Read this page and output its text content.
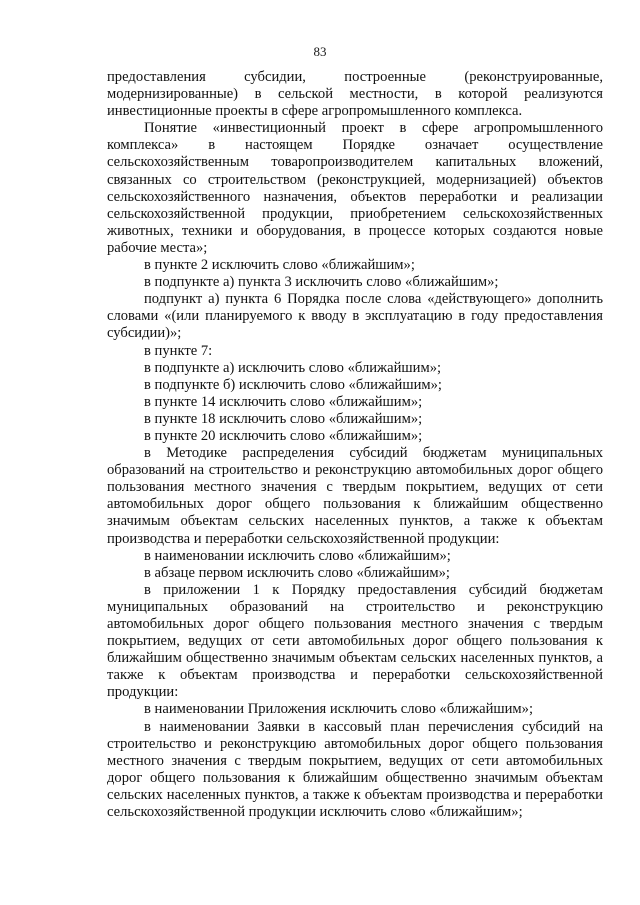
83

предоставления субсидии, построенные (реконструированные, модернизированные) в сельской местности, в которой реализуются инвестиционные проекты в сфере агропромышленного комплекса.

Понятие «инвестиционный проект в сфере агропромышленного комплекса» в настоящем Порядке означает осуществление сельскохозяйственным товаропроизводителем капитальных вложений, связанных со строительством (реконструкцией, модернизацией) объектов сельскохозяйственного назначения, объектов переработки и реализации сельскохозяйственной продукции, приобретением сельскохозяйственных животных, техники и оборудования, в процессе которых создаются новые рабочие места»;

в пункте 2 исключить слово «ближайшим»;

в подпункте а) пункта 3 исключить слово «ближайшим»;

подпункт а) пункта 6 Порядка после слова «действующего» дополнить словами «(или планируемого к вводу в эксплуатацию в году предоставления субсидии)»;

в пункте 7:

в подпункте а) исключить слово «ближайшим»;

в подпункте б) исключить слово «ближайшим»;

в пункте 14 исключить слово «ближайшим»;

в пункте 18 исключить слово «ближайшим»;

в пункте 20 исключить слово «ближайшим»;

в Методике распределения субсидий бюджетам муниципальных образований на строительство и реконструкцию автомобильных дорог общего пользования местного значения с твердым покрытием, ведущих от сети автомобильных дорог общего пользования к ближайшим общественно значимым объектам сельских населенных пунктов, а также к объектам производства и переработки сельскохозяйственной продукции:

в наименовании исключить слово «ближайшим»;

в абзаце первом исключить слово «ближайшим»;

в приложении 1 к Порядку предоставления субсидий бюджетам муниципальных образований на строительство и реконструкцию автомобильных дорог общего пользования местного значения с твердым покрытием, ведущих от сети автомобильных дорог общего пользования к ближайшим общественно значимым объектам сельских населенных пунктов, а также к объектам производства и переработки сельскохозяйственной продукции:

в наименовании Приложения исключить слово «ближайшим»;

в наименовании Заявки в кассовый план перечисления субсидий на строительство и реконструкцию автомобильных дорог общего пользования местного значения с твердым покрытием, ведущих от сети автомобильных дорог общего пользования к ближайшим общественно значимым объектам сельских населенных пунктов, а также к объектам производства и переработки сельскохозяйственной продукции исключить слово «ближайшим»;
